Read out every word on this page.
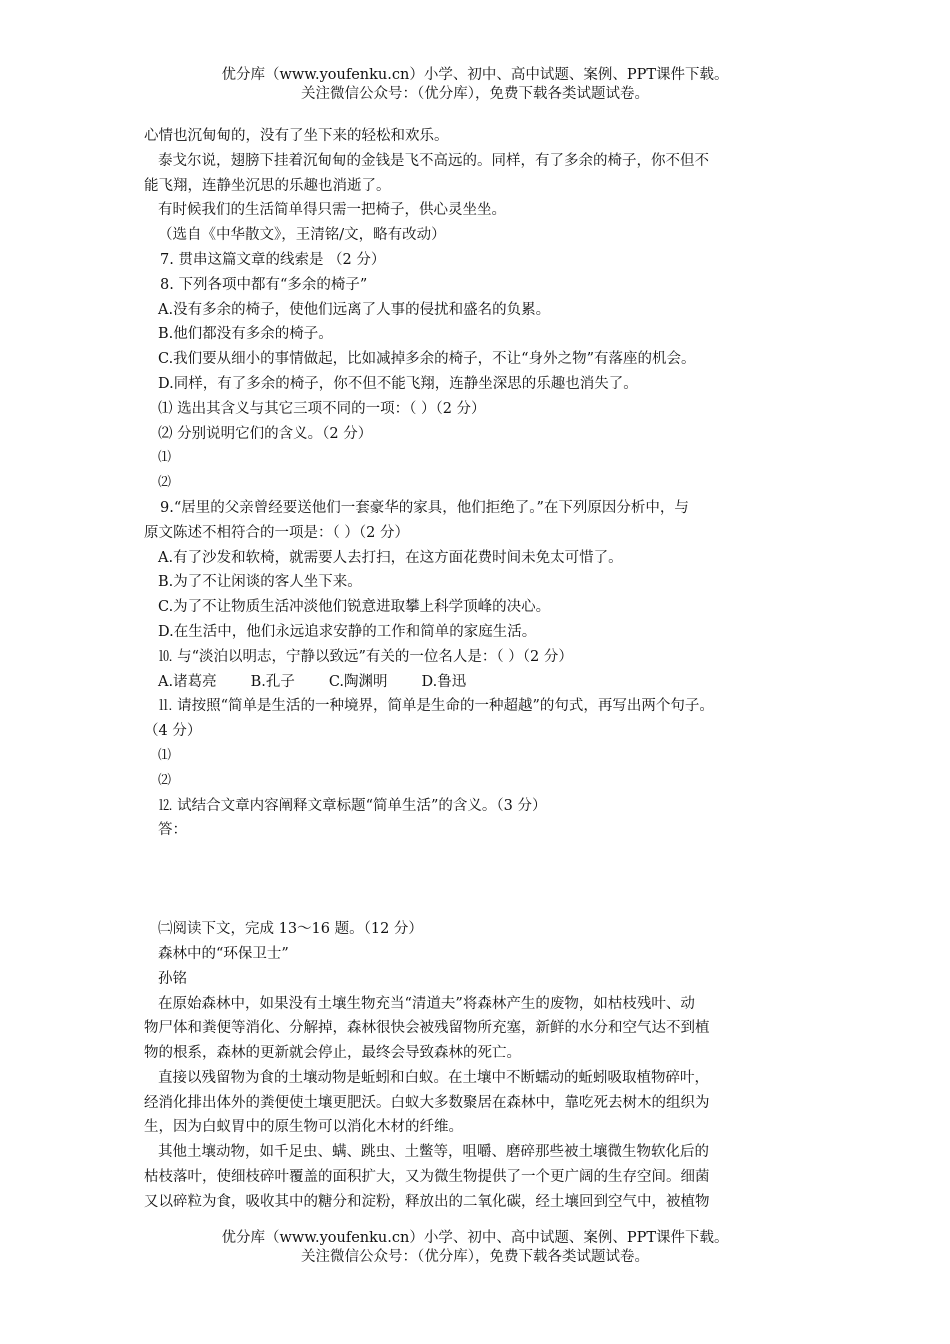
优分库（www.youfenku.cn）小学、初中、高中试题、案例、PPT课件下载。
关注微信公众号：（优分库），免费下载各类试题试卷。
心情也沉甸甸的，没有了坐下来的轻松和欢乐。
泰戈尔说，翅膀下挂着沉甸甸的金钱是飞不高远的。同样，有了多余的椅子，你不但不
能飞翔，连静坐沉思的乐趣也消逝了。
有时候我们的生活简单得只需一把椅子，供心灵坐坐。
（选自《中华散文》，王清铭/文，略有改动）
7. 贯串这篇文章的线索是 （2 分）
8. 下列各项中都有“多余的椅子”
A.没有多余的椅子，使他们远离了人事的侵扰和盛名的负累。
B.他们都没有多余的椅子。
C.我们要从细小的事情做起，比如减掉多余的椅子，不让“身外之物”有落座的机会。
D.同样，有了多余的椅子，你不但不能飞翔，连静坐深思的乐趣也消失了。
⑴ 选出其含义与其它三项不同的一项：（ ）（2 分）
⑵ 分别说明它们的含义。（2 分）
⑴
⑵
9.“居里的父亲曾经要送他们一套豪华的家具，他们拒绝了。”在下列原因分析中，与
原文陈述不相符合的一项是：（ ）（2 分）
A.有了沙发和软椅，就需要人去打扫，在这方面花费时间未免太可惜了。
B.为了不让闲谈的客人坐下来。
C.为了不让物质生活冲淡他们锐意进取攀上科学顶峰的决心。
D.在生活中，他们永远追求安静的工作和简单的家庭生活。
⒑ 与“淡泊以明志，宁静以致远”有关的一位名人是：（ ）（2 分）
A.诸葛亮 B.孔子 C.陶渊明 D.鲁迅
⒒ 请按照“简单是生活的一种境界，简单是生命的一种超越”的句式，再写出两个句子。
（4 分）
⑴
⑵
⒓ 试结合文章内容阐释文章标题“简单生活”的含义。（3 分）
答：
㈡阅读下文，完成 13～16 题。（12 分）
森林中的“环保卫士”
孙铭
在原始森林中，如果没有土壤生物充当“清道夫”将森林产生的废物，如枯枝残叶、动
物尸体和粪便等消化、分解掉，森林很快会被残留物所充塞，新鲜的水分和空气达不到植
物的根系，森林的更新就会停止，最终会导致森林的死亡。
直接以残留物为食的土壤动物是蚯蚓和白蚁。在土壤中不断蠕动的蚯蚓吸取植物碎叶，
经消化排出体外的粪便使土壤更肥沃。白蚁大多数聚居在森林中，靠吃死去树木的组织为
生，因为白蚁胃中的原生物可以消化木材的纤维。
其他土壤动物，如千足虫、螨、跳虫、土鳖等，咀嚼、磨碎那些被土壤微生物软化后的
枯枝落叶，使细枝碎叶覆盖的面积扩大，又为微生物提供了一个更广阔的生存空间。细菌
又以碎粒为食，吸收其中的糖分和淀粉，释放出的二氧化碳，经土壤回到空气中，被植物
优分库（www.youfenku.cn）小学、初中、高中试题、案例、PPT课件下载。
关注微信公众号：（优分库），免费下载各类试题试卷。
